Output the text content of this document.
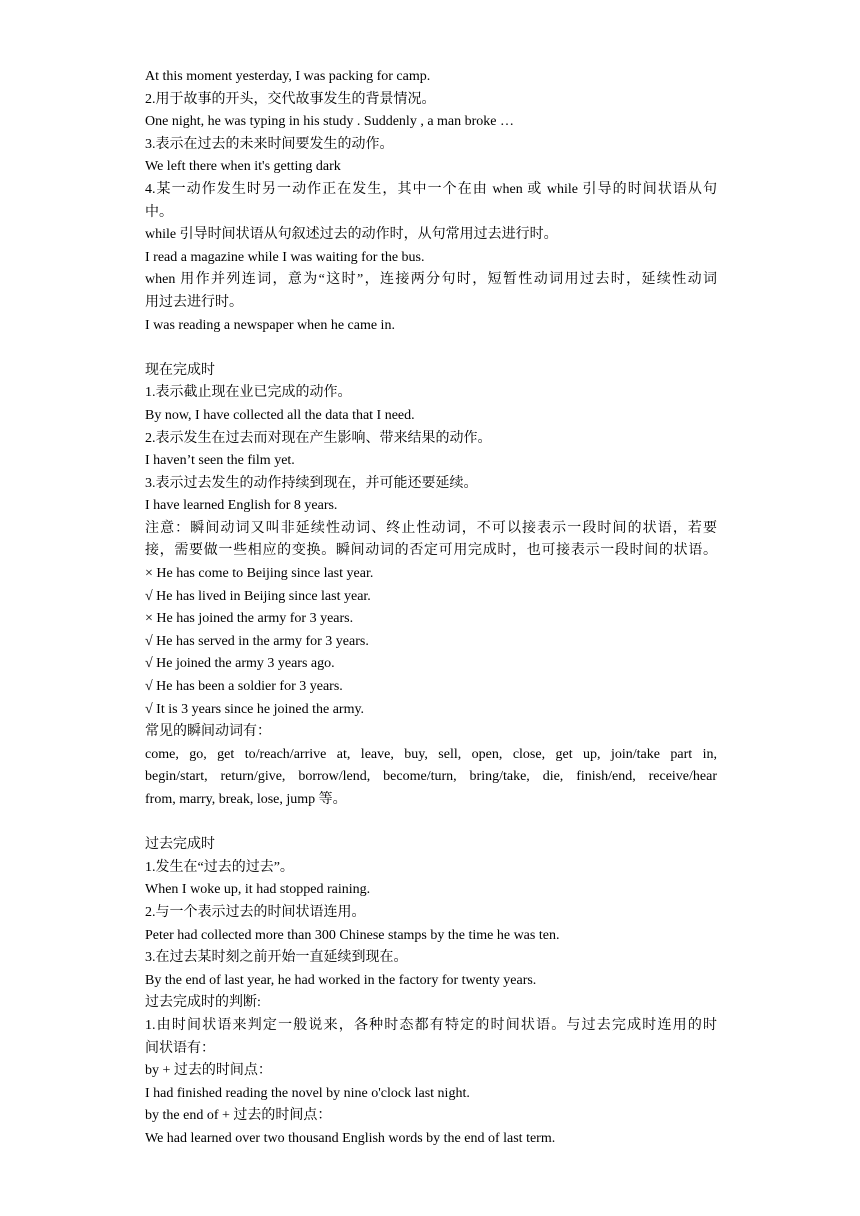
At this moment yesterday, I was packing for camp.
2.用于故事的开头，交代故事发生的背景情况。
One night, he was typing in his study . Suddenly , a man broke …
3.表示在过去的未来时间要发生的动作。
We left there when it's getting dark
4.某一动作发生时另一动作正在发生，其中一个在由 when 或 while 引导的时间状语从句
中。
while 引导时间状语从句叙述过去的动作时，从句常用过去进行时。
I read a magazine while I was waiting for the bus.
when 用作并列连词，意为“这时”，连接两分句时，短暂性动词用过去时，延续性动词
用过去进行时。
I was reading a newspaper when he came in.
现在完成时
1.表示截止现在业已完成的动作。
By now, I have collected all the data that I need.
2.表示发生在过去而对现在产生影响、带来结果的动作。
I haven’t seen the film yet.
3.表示过去发生的动作持续到现在，并可能还要延续。
I have learned English for 8 years.
注意：瞬间动词又叫非延续性动词、终止性动词，不可以接表示一段时间的状语，若要
接，需要做一些相应的变换。瞬间动词的否定可用完成时，也可接表示一段时间的状语。
× He has come to Beijing since last year.
√ He has lived in Beijing since last year.
× He has joined the army for 3 years.
√ He has served in the army for 3 years.
√ He joined the army 3 years ago.
√ He has been a soldier for 3 years.
√ It is 3 years since he joined the army.
常见的瞬间动词有：
come, go, get to/reach/arrive at, leave, buy, sell, open, close, get up, join/take part in,
begin/start, return/give, borrow/lend, become/turn, bring/take, die, finish/end, receive/hear
from, marry, break, lose, jump 等。
过去完成时
1.发生在“过去的过去”。
When I woke up, it had stopped raining.
2.与一个表示过去的时间状语连用。
Peter had collected more than 300 Chinese stamps by the time he was ten.
3.在过去某时刻之前开始一直延续到现在。
By the end of last year, he had worked in the factory for twenty years.
过去完成时的判断:
1.由时间状语来判定一般说来，各种时态都有特定的时间状语。与过去完成时连用的时
间状语有：
by + 过去的时间点：
I had finished reading the novel by nine o'clock last night.
by the end of + 过去的时间点：
We had learned over two thousand English words by the end of last term.
